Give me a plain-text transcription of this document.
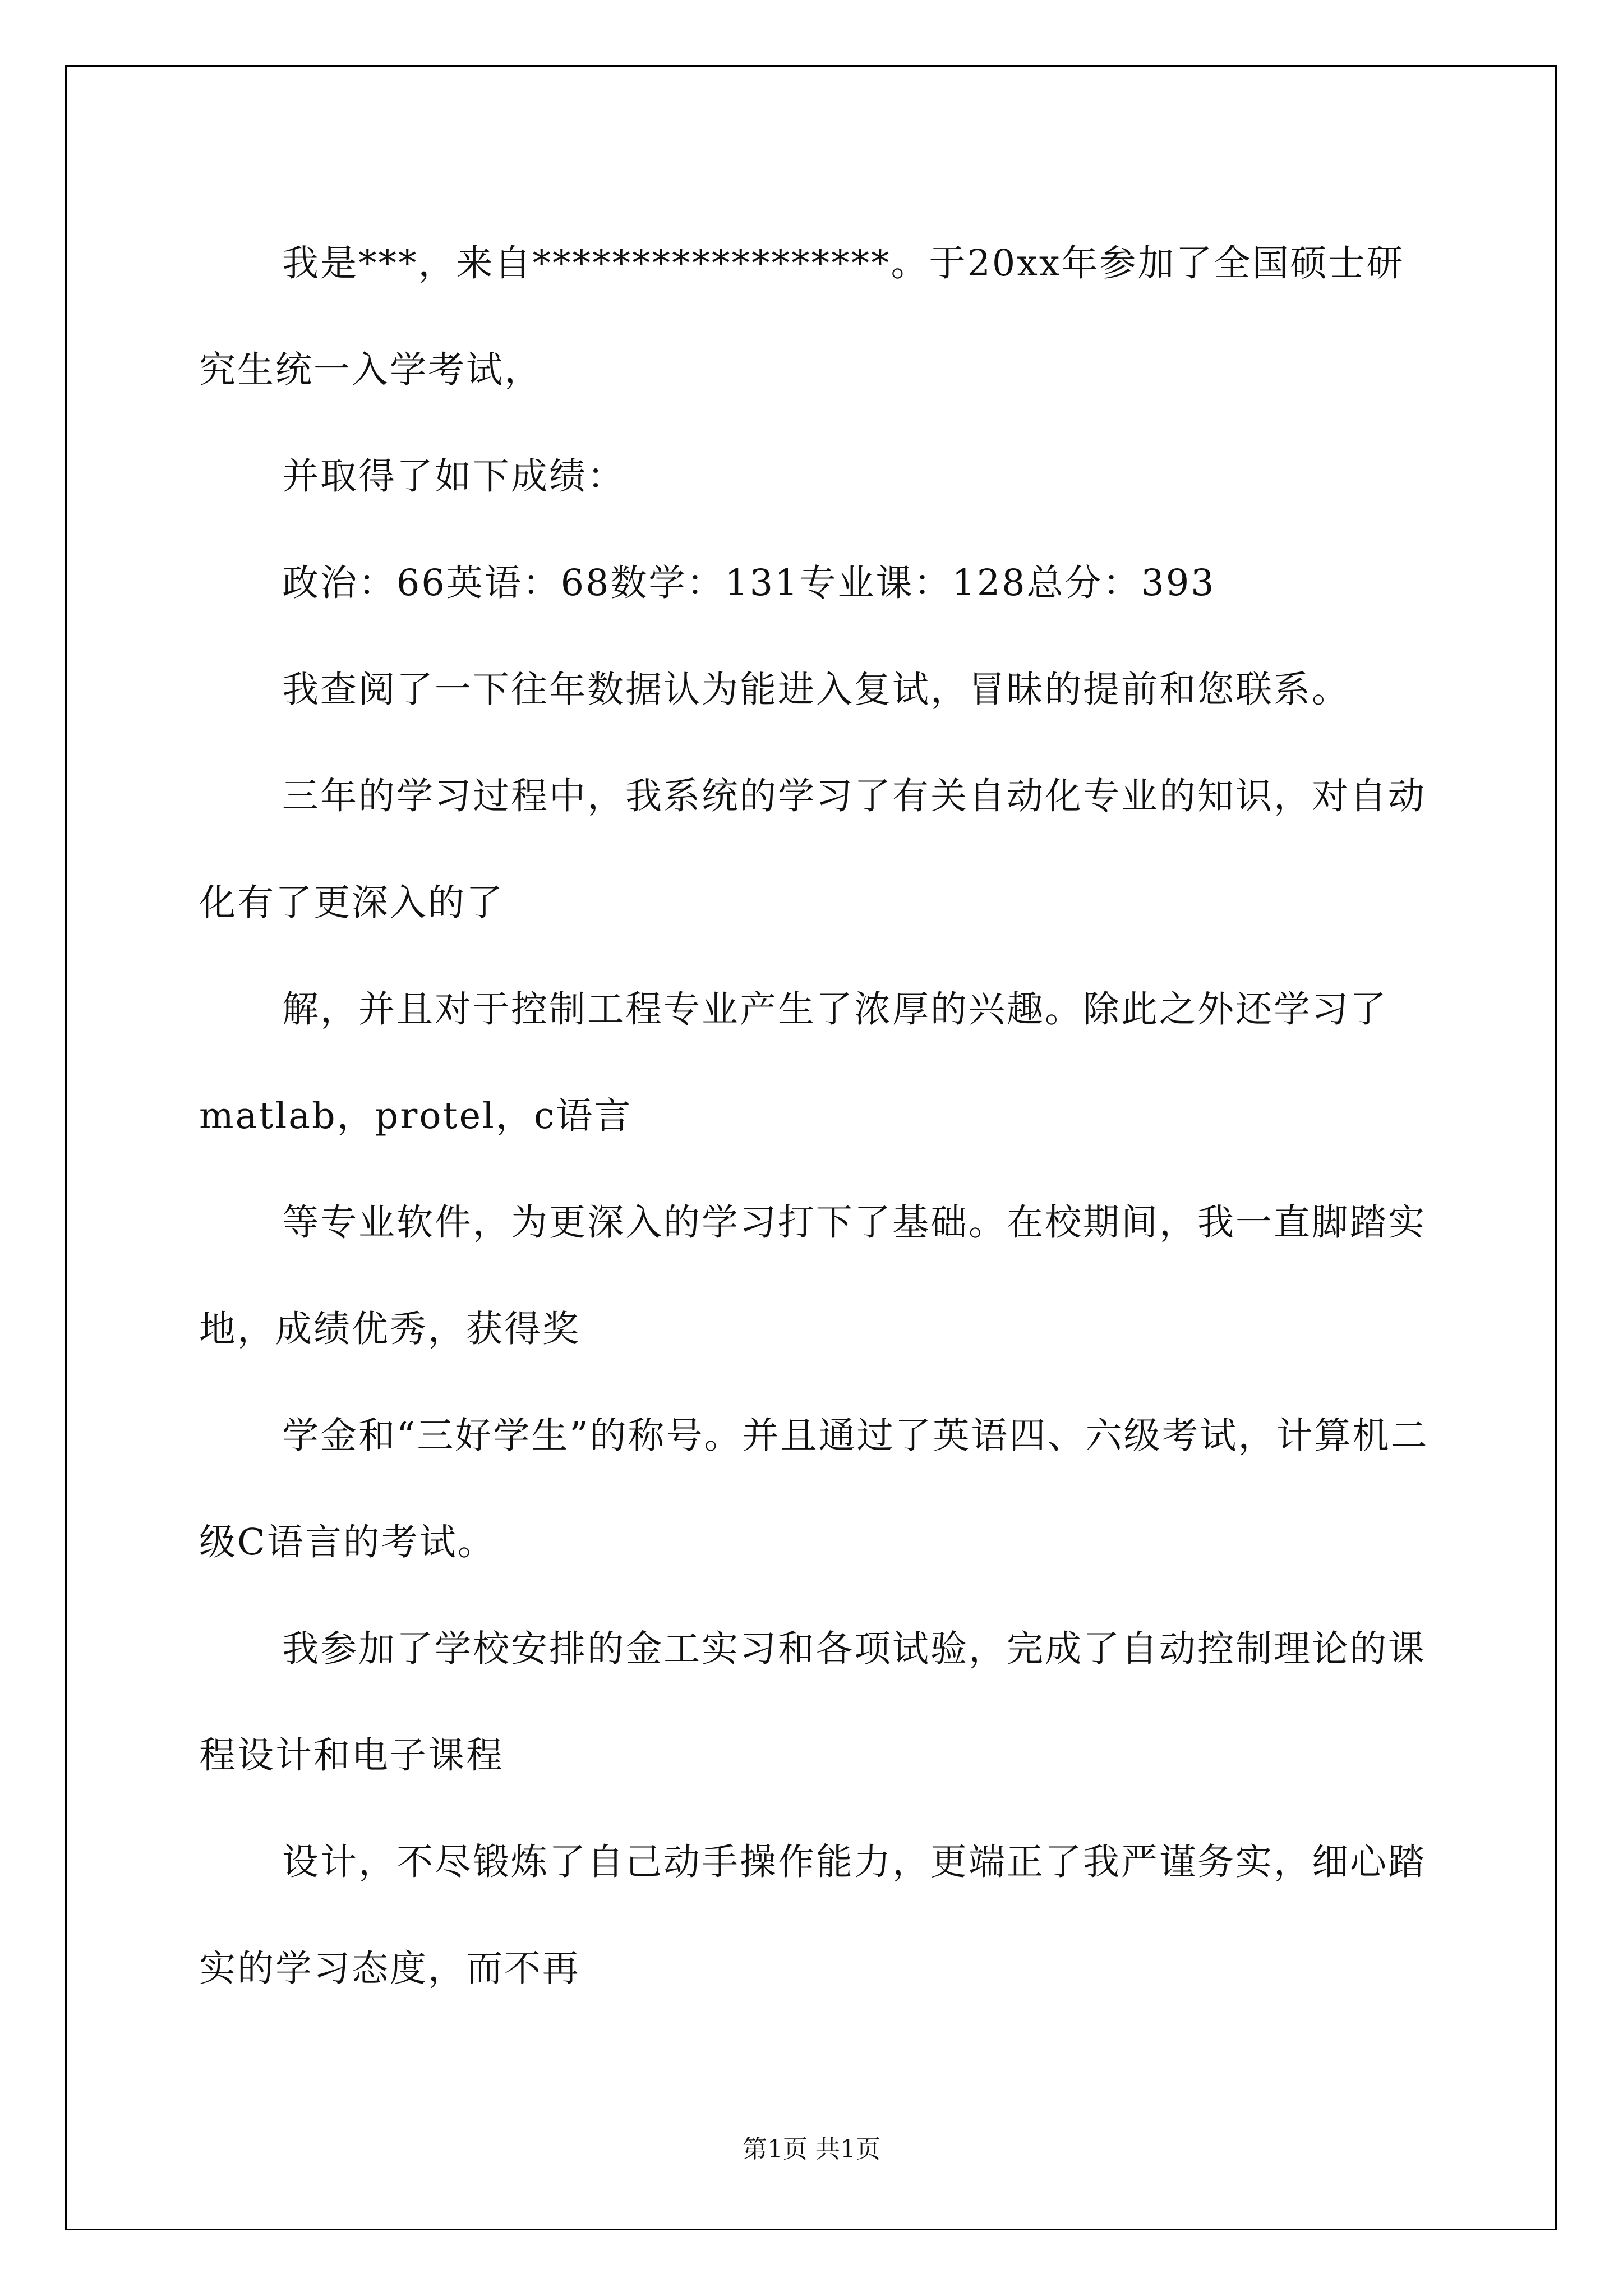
我是***，来自******************。于20xx年参加了全国硕士研究生统一入学考试，

并取得了如下成绩：

政治：66英语：68数学：131专业课：128总分：393

我查阅了一下往年数据认为能进入复试，冒昧的提前和您联系。

三年的学习过程中，我系统的学习了有关自动化专业的知识，对自动化有了更深入的了

解，并且对于控制工程专业产生了浓厚的兴趣。除此之外还学习了matlab，protel，c语言

等专业软件，为更深入的学习打下了基础。在校期间，我一直脚踏实地，成绩优秀，获得奖

学金和“三好学生”的称号。并且通过了英语四、六级考试，计算机二级C语言的考试。

我参加了学校安排的金工实习和各项试验，完成了自动控制理论的课程设计和电子课程

设计，不尽锻炼了自己动手操作能力，更端正了我严谨务实，细心踏实的学习态度，而不再

第1页 共1页
